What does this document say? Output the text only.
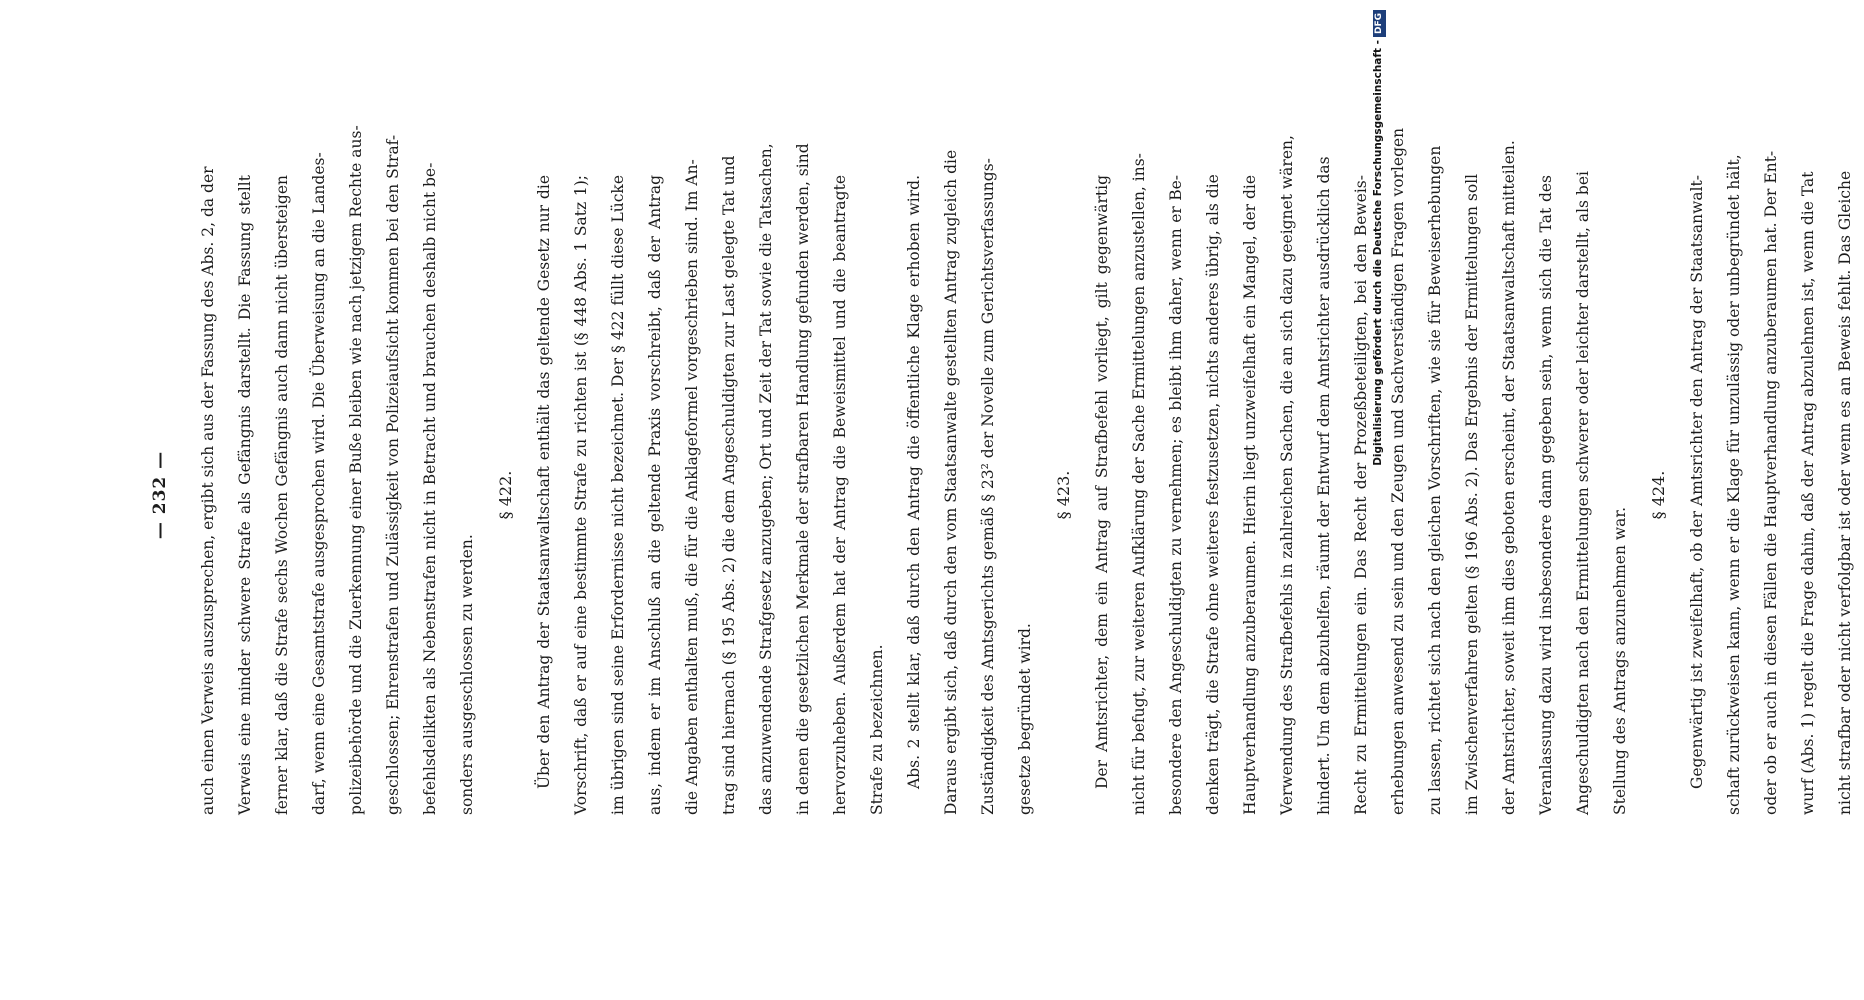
— 232 —	auch einen Verweis auszusprechen, ergibt sich aus der Fassung des Abs. 2, da der	Verweis eine minder schwere Strafe als Gefängnis darstellt. Die Fassung stellt	ferner klar, daß die Strafe sechs Wochen Gefängnis auch dann nicht übersteigen	darf, wenn eine Gesamtstrafe ausgesprochen wird. Die Überweisung an die Landes-	polizeibehörde und die Zuerkennung einer Buße bleiben wie nach jetzigem Rechte aus-	geschlossen; Ehrenstrafen und Zulässigkeit von Polizeiaufsicht kommen bei den Straf-	befehlsdelikten als Nebenstrafen nicht in Betracht und brauchen deshalb nicht be-	sonders ausgeschlossen zu werden.
§ 422.	Über den Antrag der Staatsanwaltschaft enthält das geltende Gesetz nur die	Vorschrift, daß er auf eine bestimmte Strafe zu richten ist (§ 448 Abs. 1 Satz 1);	im übrigen sind seine Erfordernisse nicht bezeichnet. Der § 422 füllt diese Lücke	aus, indem er im Anschluß an die geltende Praxis vorschreibt, daß der Antrag	die Angaben enthalten muß, die für die Anklageformel vorgeschrieben sind. Im An-	trag sind hiernach (§ 195 Abs. 2) die dem Angeschuldigten zur Last gelegte Tat und	das anzuwendende Strafgesetz anzugeben; Ort und Zeit der Tat sowie die Tatsachen,	in denen die gesetzlichen Merkmale der strafbaren Handlung gefunden werden, sind	hervorzuheben. Außerdem hat der Antrag die Beweismittel und die beantragte	Strafe zu bezeichnen.	Abs. 2 stellt klar, daß durch den Antrag die öffentliche Klage erhoben wird.	Daraus ergibt sich, daß durch den vom Staatsanwalte gestellten Antrag zugleich die	Zuständigkeit des Amtsgerichts gemäß § 23² der Novelle zum Gerichtsverfassungs-	gesetze begründet wird.
§ 423.	Der Amtsrichter, dem ein Antrag auf Strafbefehl vorliegt, gilt gegenwärtig	nicht für befugt, zur weiteren Aufklärung der Sache Ermittelungen anzustellen, ins-	besondere den Angeschuldigten zu vernehmen; es bleibt ihm daher, wenn er Be-	denken trägt, die Strafe ohne weiteres festzusetzen, nichts anderes übrig, als die	Hauptverhandlung anzuberaumen. Hierin liegt unzweifelhaft ein Mangel, der die	Verwendung des Strafbefehls in zahlreichen Sachen, die an sich dazu geeignet wären,	hindert. Um dem abzuhelfen, räumt der Entwurf dem Amtsrichter ausdrücklich das	Recht zu Ermittelungen ein. Das Recht der Prozeßbeteiligten, bei den Beweis-	erhebungen anwesend zu sein und den Zeugen und Sachverständigen Fragen vorlegen	zu lassen, richtet sich nach den gleichen Vorschriften, wie sie für Beweiserhebungen	im Zwischenverfahren gelten (§ 196 Abs. 2). Das Ergebnis der Ermittelungen soll	der Amtsrichter, soweit ihm dies geboten erscheint, der Staatsanwaltschaft mitteilen.	Veranlassung dazu wird insbesondere dann gegeben sein, wenn sich die Tat des	Angeschuldigten nach den Ermittelungen schwerer oder leichter darstellt, als bei	Stellung des Antrags anzunehmen war.
§ 424.	Gegenwärtig ist zweifelhaft, ob der Amtsrichter den Antrag der Staatsanwalt-	schaft zurückweisen kann, wenn er die Klage für unzulässig oder unbegründet hält,	oder ob er auch in diesen Fällen die Hauptverhandlung anzuberaumen hat. Der Ent-	wurf (Abs. 1) regelt die Frage dahin, daß der Antrag abzulehnen ist, wenn die Tat	nicht strafbar oder nicht verfolgbar ist oder wenn es an Beweis fehlt. Das Gleiche
Digitalisierung gefördert durch die Deutsche Forschungsgemeinschaft -DFG
